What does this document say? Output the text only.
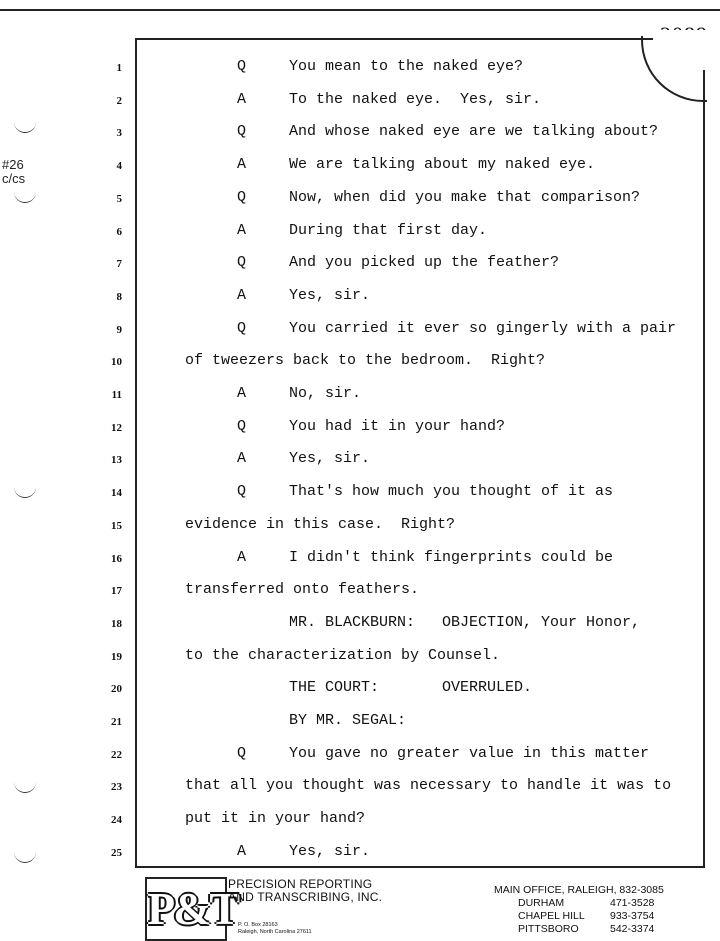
#26
c/cs
1	Q	You mean to the naked eye?
2	A	To the naked eye.  Yes, sir.
3	Q	And whose naked eye are we talking about?
4	A	We are talking about my naked eye.
5	Q	Now, when did you make that comparison?
6	A	During that first day.
7	Q	And you picked up the feather?
8	A	Yes, sir.
9	Q	You carried it ever so gingerly with a pair
10	of tweezers back to the bedroom.  Right?
11	A	No, sir.
12	Q	You had it in your hand?
13	A	Yes, sir.
14	Q	That's how much you thought of it as
15	evidence in this case.  Right?
16	A	I didn't think fingerprints could be
17	transferred onto feathers.
18	MR. BLACKBURN:   OBJECTION, Your Honor,
19	to the characterization by Counsel.
20	THE COURT:       OVERRULED.
21	BY MR. SEGAL:
22	Q	You gave no greater value in this matter
23	that all you thought was necessary to handle it was to
24	put it in your hand?
25	A	Yes, sir.
P&T
PRECISION REPORTING
AND TRANSCRIBING, INC.
P. O. Box 28163
Raleigh, North Carolina 27611
MAIN OFFICE, RALEIGH, 832-3085
DURHAM	471-3528
CHAPEL HILL 933-3754
PITTSBORO	542-3374
